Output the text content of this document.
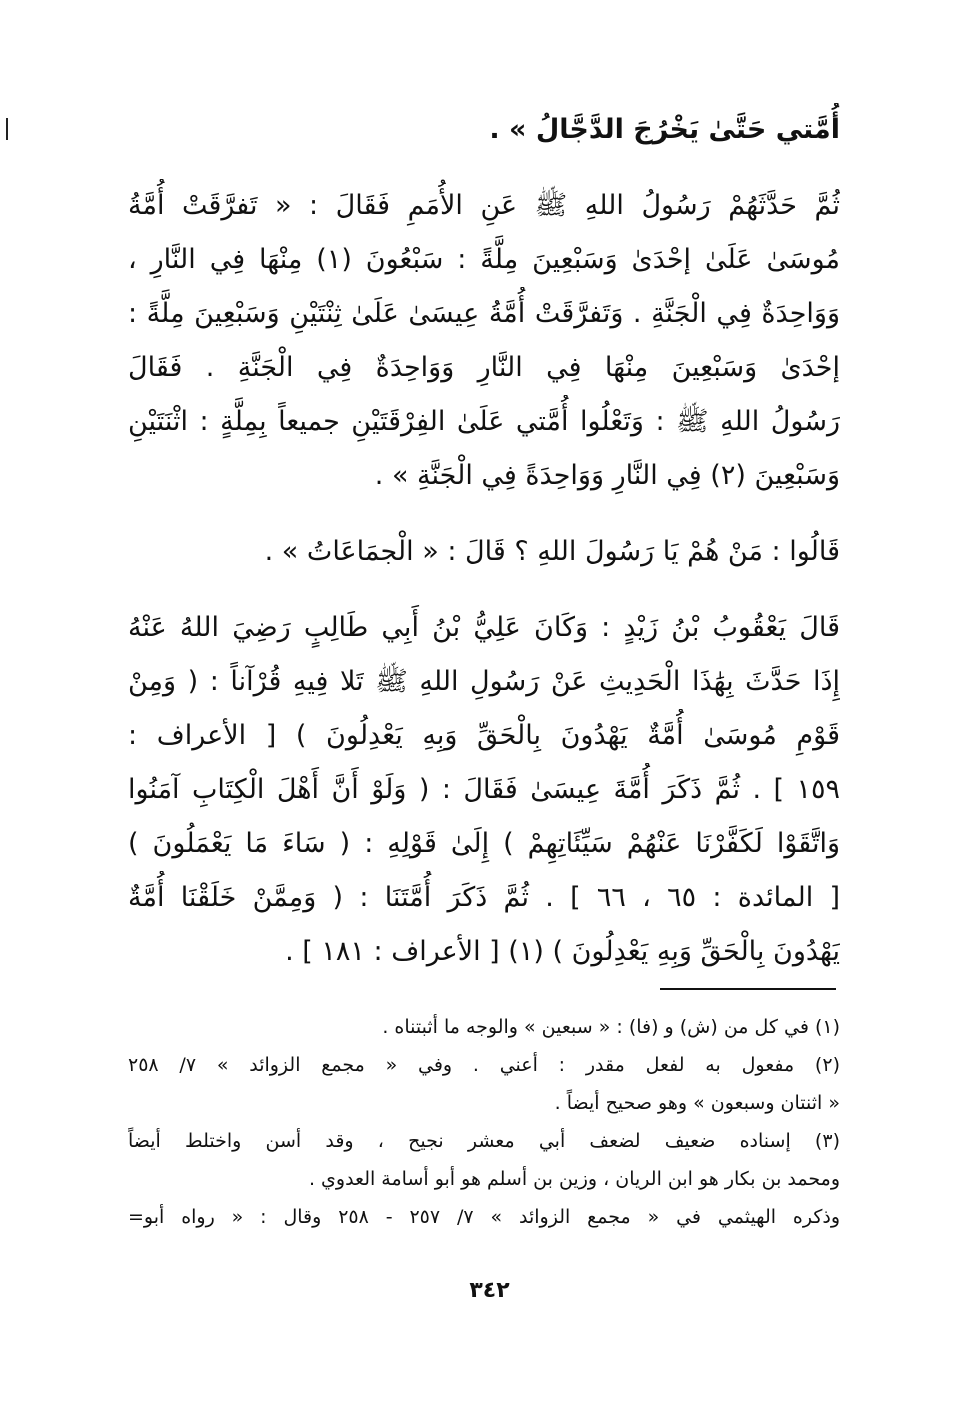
أُمَّتي حَتَّىٰ يَخْرُجَ الدَّجَّالُ » .
ثُمَّ حَدَّثَهُمْ رَسُولُ اللهِ ﷺ عَنِ الأُمَمِ فَقَالَ : « تَفرَّقَتْ أُمَّةُ
مُوسَىٰ عَلَىٰ إحْدَىٰ وَسَبْعِينَ مِلَّةً : سَبْعُونَ (١) مِنْهَا فِي النَّارِ ،
وَوَاحِدَةٌ فِي الْجَنَّةِ . وَتَفرَّقَتْ أُمَّةُ عِيسَىٰ عَلَىٰ ثِنْتَيْنِ وَسَبْعِينَ مِلَّةً :
إحْدَىٰ وَسَبْعِينَ مِنْهَا فِي النَّارِ وَوَاحِدَةٌ فِي الْجَنَّةِ . فَقَالَ
رَسُولُ اللهِ ﷺ : وَتَعْلُوا أُمَّتي عَلَىٰ الفِرْقَتَيْنِ جميعاً بِمِلَّةٍ : اثْنَتَيْنِ
وَسَبْعِينَ (٢) فِي النَّارِ وَوَاحِدَةً فِي الْجَنَّةِ » .
قَالُوا : مَنْ هُمْ يَا رَسُولَ اللهِ ؟ قَالَ : « الْجمَاعَاتُ » .
قَالَ يَعْقُوبُ بْنُ زَيْدٍ : وَكَانَ عَلِيُّ بْنُ أَبِي طَالِبٍ رَضِيَ اللهُ عَنْهُ
إِذَا حَدَّثَ بِهَٰذَا الْحَدِيثِ عَنْ رَسُولِ اللهِ ﷺ تَلا فِيهِ قُرْآناً : ( وَمِنْ
قَوْمِ مُوسَىٰ أُمَّةٌ يَهْدُونَ بِالْحَقِّ وَبِهِ يَعْدِلُونَ ) [ الأعراف :
١٥٩ ] . ثُمَّ ذَكَرَ أُمَّةَ عِيسَىٰ فَقَالَ : ( وَلَوْ أَنَّ أَهْلَ الْكِتَابِ آمَنُوا
وَاتَّقَوْا لَكَفَّرْنَا عَنْهُمْ سَيِّئَاتِهِمْ ) إِلَىٰ قَوْلِهِ : ( سَاءَ مَا يَعْمَلُونَ )
[ المائدة : ٦٥ ، ٦٦ ] . ثُمَّ ذَكَرَ أُمَّتَنَا : ( وَمِمَّنْ خَلَقْنَا أُمَّةٌ
يَهْدُونَ بِالْحَقِّ وَبِهِ يَعْدِلُونَ ) (١) [ الأعراف : ١٨١ ] .
(١) في كل من (ش) و (فا) : « سبعين » والوجه ما أثبتناه .
(٢) مفعول به لفعل مقدر : أعني . وفي « مجمع الزوائد » ٧/ ٢٥٨
« اثنتان وسبعون » وهو صحيح أيضاً .
(٣) إسناده ضعيف لضعف أبي معشر نجيح ، وقد أسن واختلط أيضاً
ومحمد بن بكار هو ابن الريان ، وزين بن أسلم هو أبو أسامة العدوي .
وذكره الهيثمي في « مجمع الزوائد » ٧/ ٢٥٧ - ٢٥٨ وقال : « رواه أبو=
٣٤٢
